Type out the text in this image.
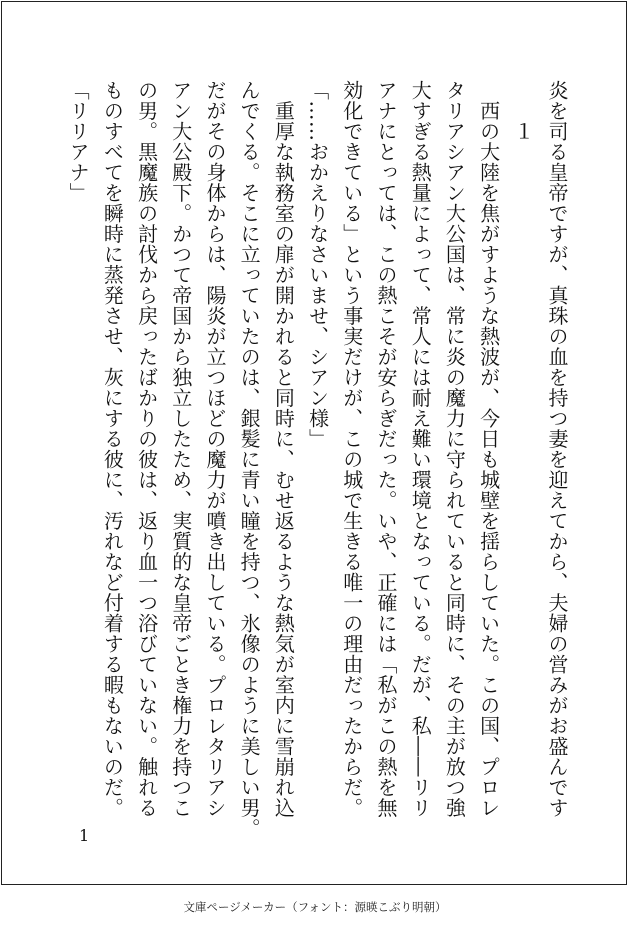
炎を司る皇帝ですが、真珠の血を持つ妻を迎えてから、夫婦の営みがお盛んです
　　１
　西の大陸を焦がすような熱波が、今日も城壁を揺らしていた。この国、プロレ
タリアシアン大公国は、常に炎の魔力に守られていると同時に、その主が放つ強
大すぎる熱量によって、常人には耐え難い環境となっている。だが、私――リリ
アナにとっては、この熱こそが安らぎだった。いや、正確には「私がこの熱を無
効化できている」という事実だけが、この城で生きる唯一の理由だったからだ。
「……おかえりなさいませ、シアン様」
　重厚な執務室の扉が開かれると同時に、むせ返るような熱気が室内に雪崩れ込
んでくる。そこに立っていたのは、銀髪に青い瞳を持つ、氷像のように美しい男。
だがその身体からは、陽炎が立つほどの魔力が噴き出している。プロレタリアシ
アン大公殿下。かつて帝国から独立したため、実質的な皇帝ごとき権力を持つこ
の男。黒魔族の討伐から戻ったばかりの彼は、返り血一つ浴びていない。触れる
ものすべてを瞬時に蒸発させ、灰にする彼に、汚れなど付着する暇もないのだ。
「リリアナ」
1
文庫ページメーカー（フォント：源暎こぶり明朝）
